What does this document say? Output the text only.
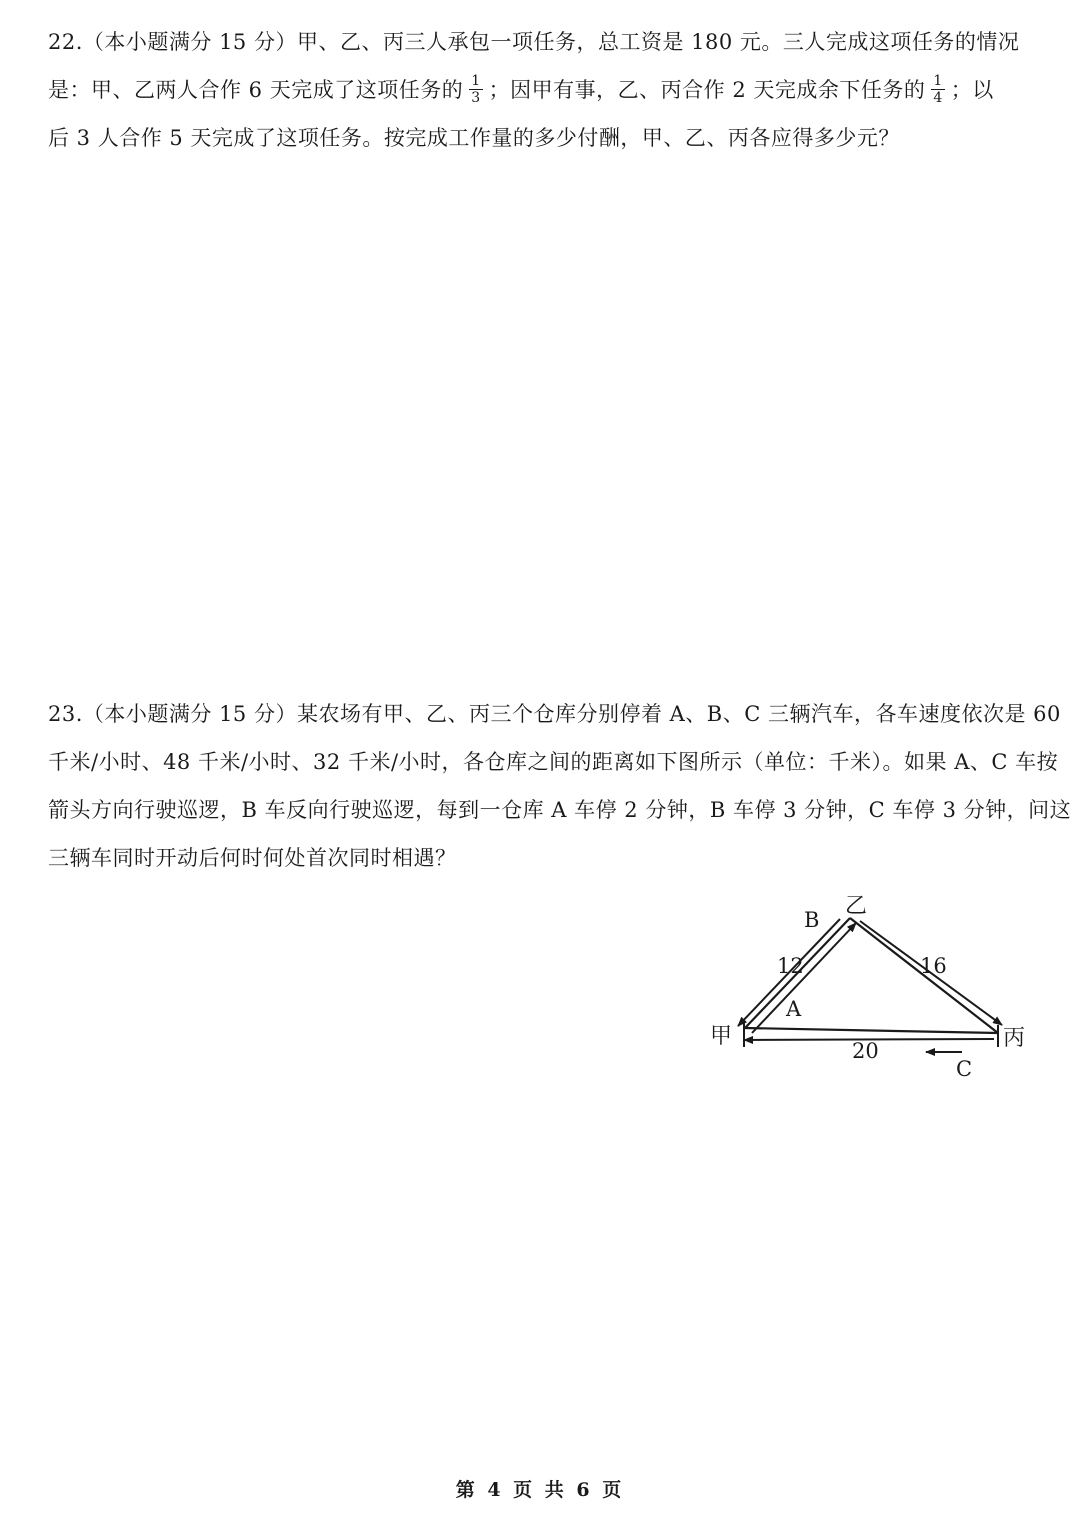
22.（本小题满分 15 分）甲、乙、丙三人承包一项任务，总工资是 180 元。三人完成这项任务的情况
是：甲、乙两人合作 6 天完成了这项任务的 $\frac{1}{3}$ ；因甲有事，乙、丙合作 2 天完成余下任务的 $\frac{1}{4}$ ；以
后 3 人合作 5 天完成了这项任务。按完成工作量的多少付酬，甲、乙、丙各应得多少元？
23.（本小题满分 15 分）某农场有甲、乙、丙三个仓库分别停着 A、B、C 三辆汽车，各车速度依次是 60
千米/小时、48 千米/小时、32 千米/小时，各仓库之间的距离如下图所示（单位：千米）。如果 A、C 车按
箭头方向行驶巡逻，B 车反向行驶巡逻，每到一仓库 A 车停 2 分钟，B 车停 3 分钟，C 车停 3 分钟，问这
三辆车同时开动后何时何处首次同时相遇？
甲
乙
丙
12	16
20
A
B
C
第 4 页 共 6 页
